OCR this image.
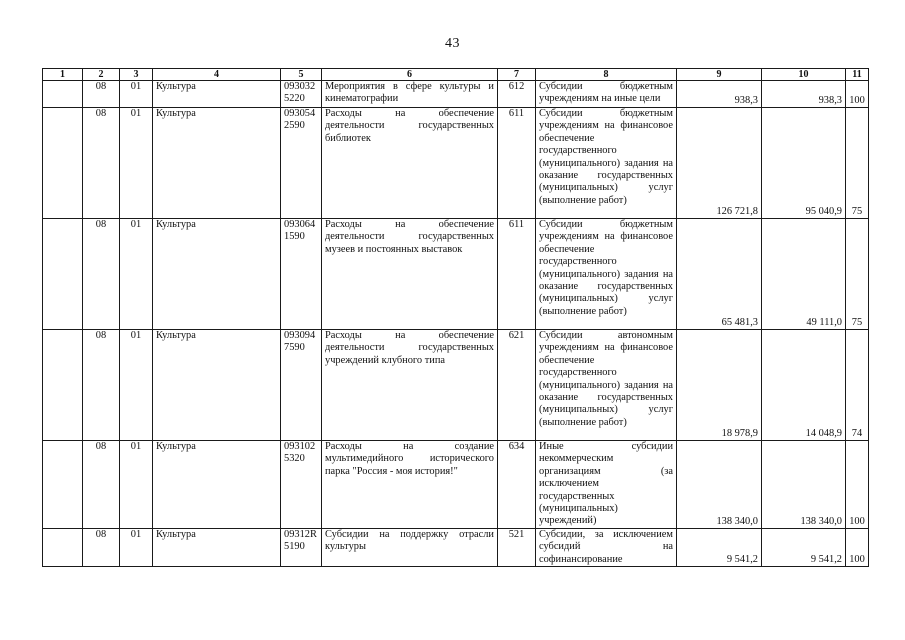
43
1	2	3	4	5	6	7	8	9	10	11
	08	01	Культура	093032 5220	Мероприятия в сфере культуры и кинематографии	612	Субсидии бюджетным учреждениям на иные цели	938,3	938,3	100
	08	01	Культура	093054 2590	Расходы на обеспечение деятельности государственных библиотек	611	Субсидии бюджетным учреждениям на финансовое обеспечение государственного (муниципального) задания на оказание государственных (муниципальных) услуг (выполнение работ)	126 721,8	95 040,9	75
	08	01	Культура	093064 1590	Расходы на обеспечение деятельности государственных музеев и постоянных выставок	611	Субсидии бюджетным учреждениям на финансовое обеспечение государственного (муниципального) задания на оказание государственных (муниципальных) услуг (выполнение работ)	65 481,3	49 111,0	75
	08	01	Культура	093094 7590	Расходы на обеспечение деятельности государственных учреждений клубного типа	621	Субсидии автономным учреждениям на финансовое обеспечение государственного (муниципального) задания на оказание государственных (муниципальных) услуг (выполнение работ)	18 978,9	14 048,9	74
	08	01	Культура	093102 5320	Расходы на создание мультимедийного исторического парка "Россия - моя история!"	634	Иные субсидии некоммерческим организациям (за исключением государственных (муниципальных) учреждений)	138 340,0	138 340,0	100
	08	01	Культура	09312R 5190	Субсидии на поддержку отрасли культуры	521	Субсидии, за исключением субсидий на софинансирование	9 541,2	9 541,2	100
